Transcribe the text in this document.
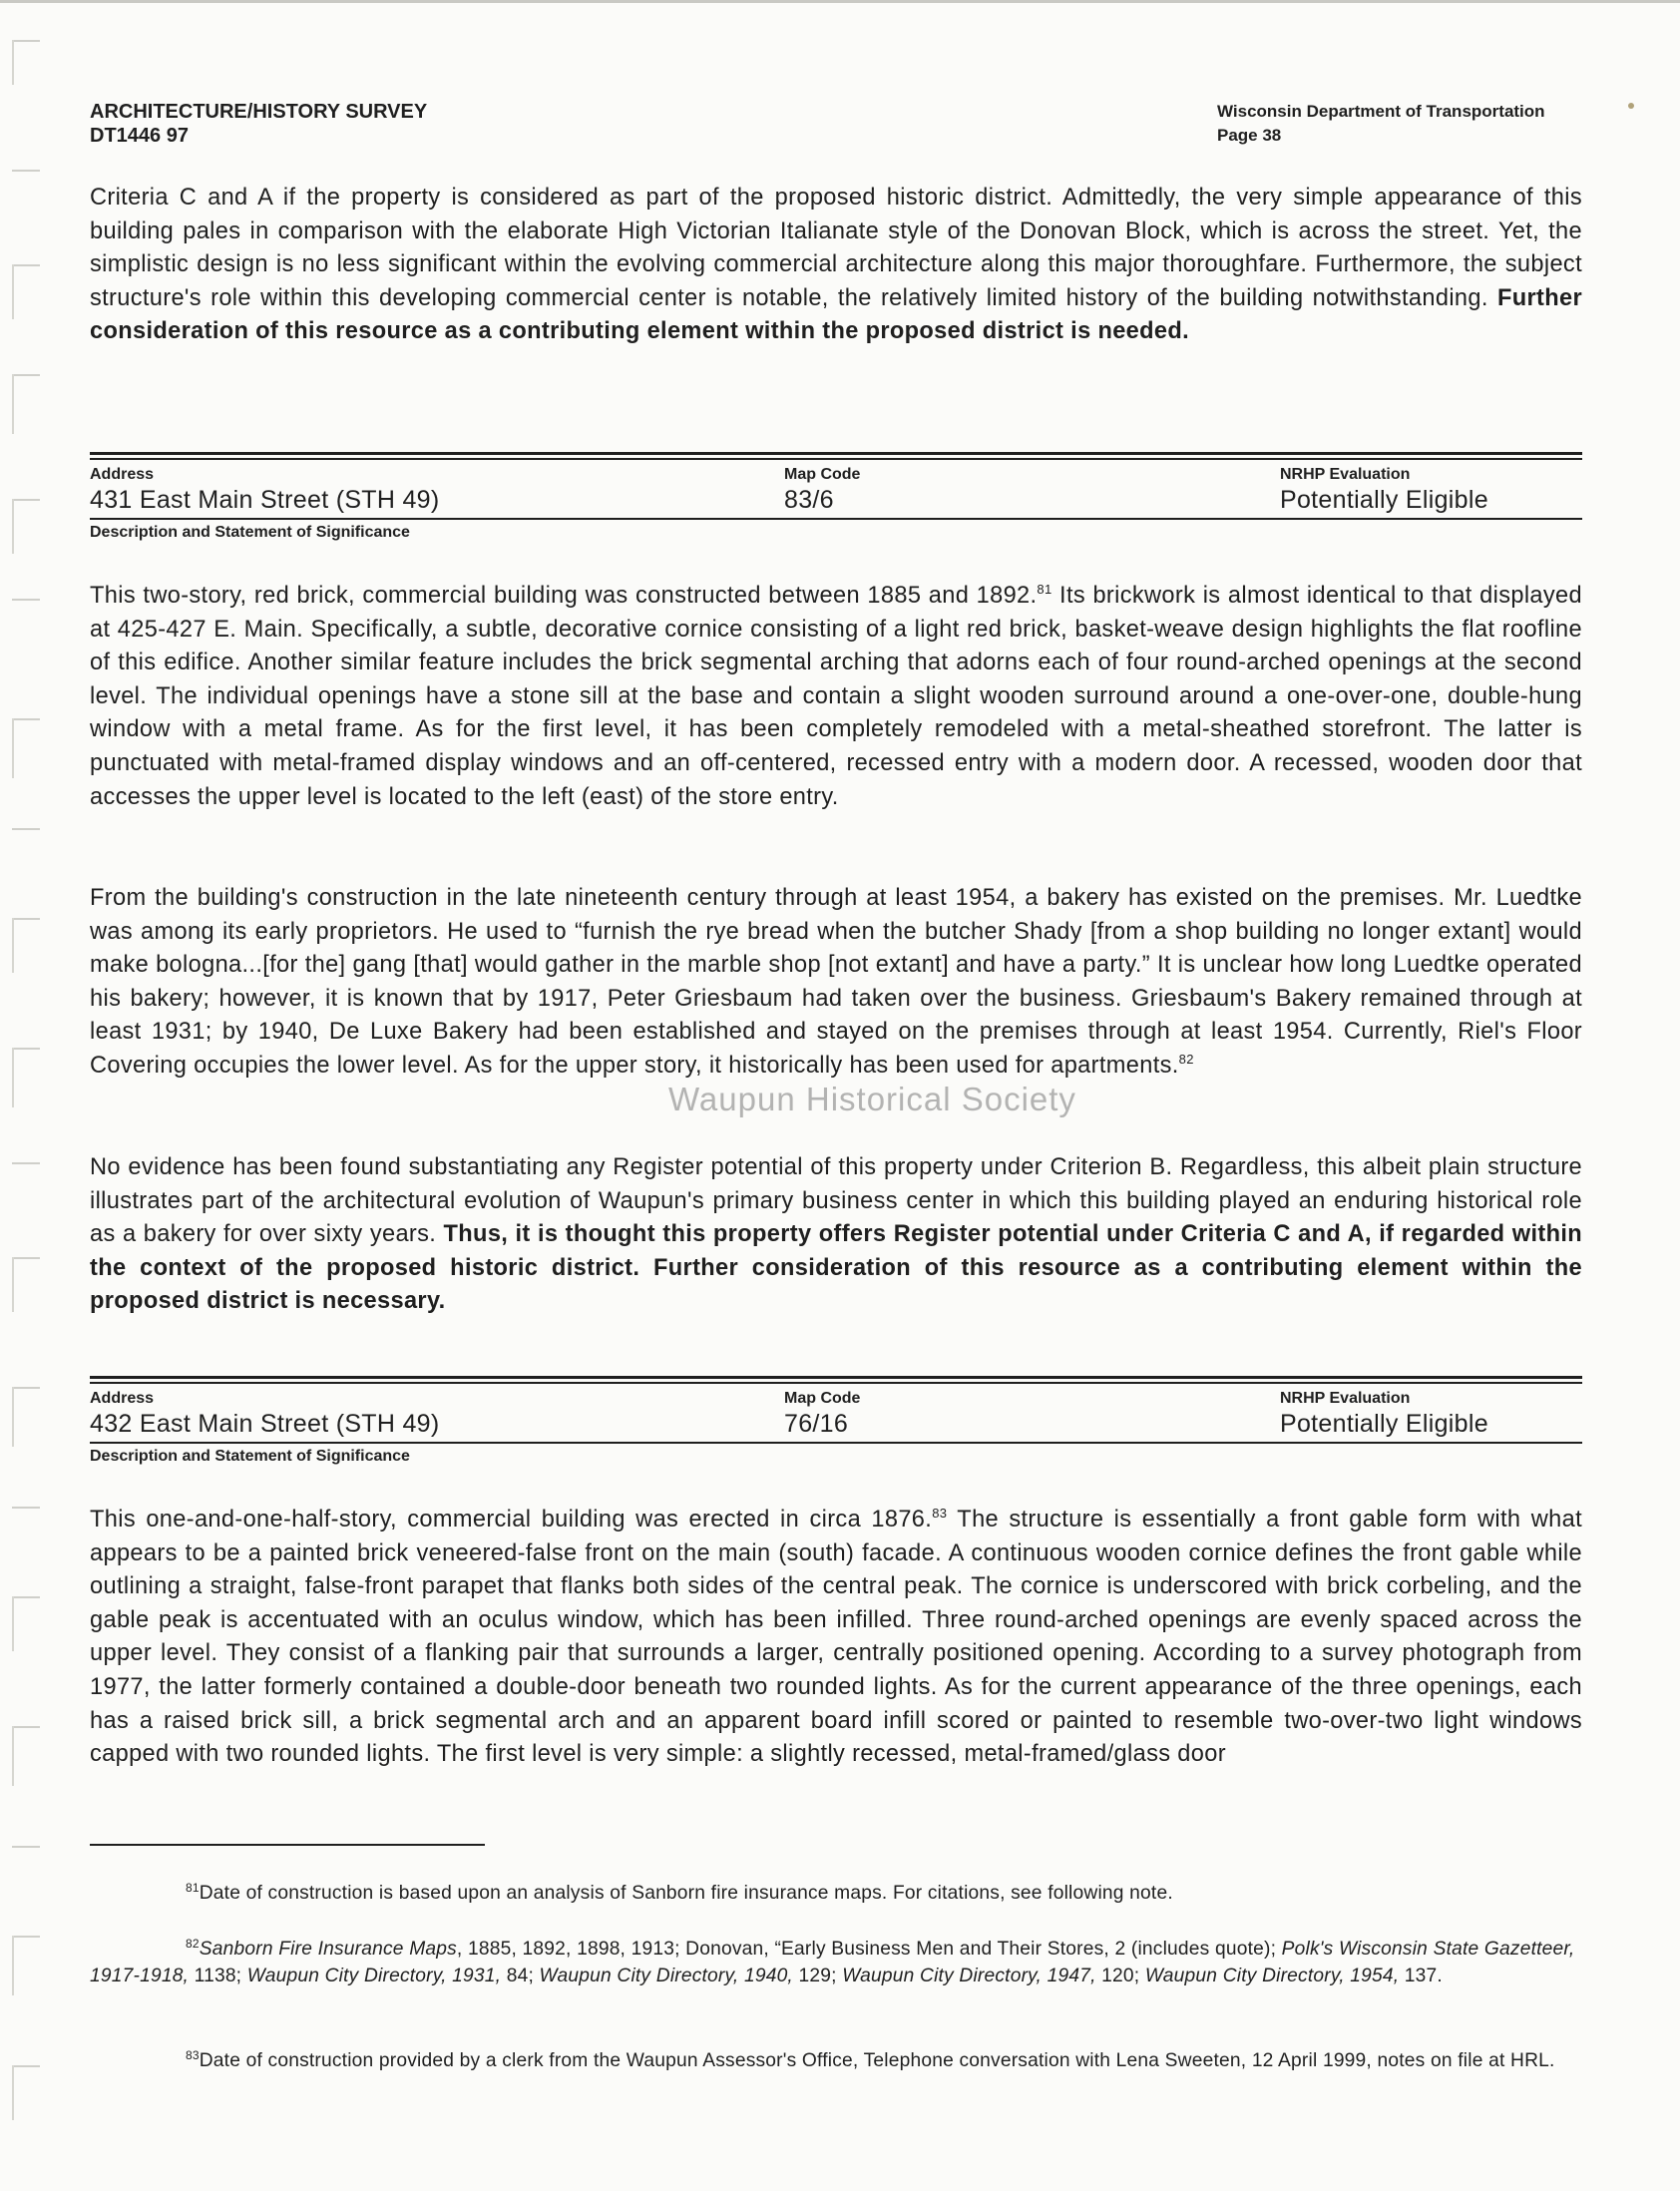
ARCHITECTURE/HISTORY SURVEY
DT1446 97
Wisconsin Department of Transportation
Page 38
Criteria C and A if the property is considered as part of the proposed historic district. Admittedly, the very simple appearance of this building pales in comparison with the elaborate High Victorian Italianate style of the Donovan Block, which is across the street. Yet, the simplistic design is no less significant within the evolving commercial architecture along this major thoroughfare. Furthermore, the subject structure's role within this developing commercial center is notable, the relatively limited history of the building notwithstanding. Further consideration of this resource as a contributing element within the proposed district is needed.
Address	Map Code	NRHP Evaluation
431 East Main Street (STH 49)	83/6	Potentially Eligible
Description and Statement of Significance
This two-story, red brick, commercial building was constructed between 1885 and 1892.81 Its brickwork is almost identical to that displayed at 425-427 E. Main. Specifically, a subtle, decorative cornice consisting of a light red brick, basket-weave design highlights the flat roofline of this edifice. Another similar feature includes the brick segmental arching that adorns each of four round-arched openings at the second level. The individual openings have a stone sill at the base and contain a slight wooden surround around a one-over-one, double-hung window with a metal frame. As for the first level, it has been completely remodeled with a metal-sheathed storefront. The latter is punctuated with metal-framed display windows and an off-centered, recessed entry with a modern door. A recessed, wooden door that accesses the upper level is located to the left (east) of the store entry.
From the building's construction in the late nineteenth century through at least 1954, a bakery has existed on the premises. Mr. Luedtke was among its early proprietors. He used to “furnish the rye bread when the butcher Shady [from a shop building no longer extant] would make bologna...[for the] gang [that] would gather in the marble shop [not extant] and have a party.” It is unclear how long Luedtke operated his bakery; however, it is known that by 1917, Peter Griesbaum had taken over the business. Griesbaum's Bakery remained through at least 1931; by 1940, De Luxe Bakery had been established and stayed on the premises through at least 1954. Currently, Riel's Floor Covering occupies the lower level. As for the upper story, it historically has been used for apartments.$^{82}$
No evidence has been found substantiating any Register potential of this property under Criterion B. Regardless, this albeit plain structure illustrates part of the architectural evolution of Waupun's primary business center in which this building played an enduring historical role as a bakery for over sixty years. Thus, it is thought this property offers Register potential under Criteria C and A, if regarded within the context of the proposed historic district. Further consideration of this resource as a contributing element within the proposed district is necessary.
Address	Map Code	NRHP Evaluation
432 East Main Street (STH 49)	76/16	Potentially Eligible
Description and Statement of Significance
This one-and-one-half-story, commercial building was erected in circa 1876.83 The structure is essentially a front gable form with what appears to be a painted brick veneered-false front on the main (south) facade. A continuous wooden cornice defines the front gable while outlining a straight, false-front parapet that flanks both sides of the central peak. The cornice is underscored with brick corbeling, and the gable peak is accentuated with an oculus window, which has been infilled. Three round-arched openings are evenly spaced across the upper level. They consist of a flanking pair that surrounds a larger, centrally positioned opening. According to a survey photograph from 1977, the latter formerly contained a double-door beneath two rounded lights. As for the current appearance of the three openings, each has a raised brick sill, a brick segmental arch and an apparent board infill scored or painted to resemble two-over-two light windows capped with two rounded lights. The first level is very simple: a slightly recessed, metal-framed/glass door
$^{81}$Date of construction is based upon an analysis of Sanborn fire insurance maps. For citations, see following note.
$^{82}$Sanborn Fire Insurance Maps, 1885, 1892, 1898, 1913; Donovan, “Early Business Men and Their Stores, 2 (includes quote); Polk's Wisconsin State Gazetteer, 1917-1918, 1138; Waupun City Directory, 1931, 84; Waupun City Directory, 1940, 129; Waupun City Directory, 1947, 120; Waupun City Directory, 1954, 137.
$^{83}$Date of construction provided by a clerk from the Waupun Assessor's Office, Telephone conversation with Lena Sweeten, 12 April 1999, notes on file at HRL.
Waupun Historical Society
